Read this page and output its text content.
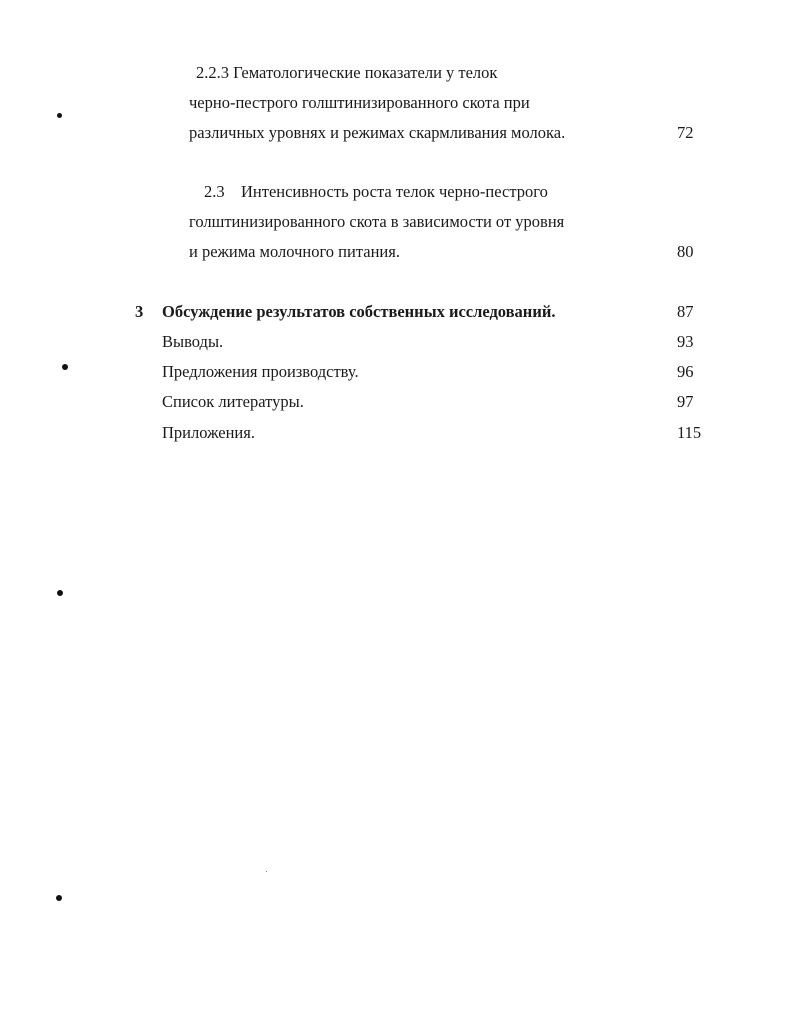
2.2.3 Гематологические показатели у телок
черно-пестрого голштинизированного скота при
различных уровнях и режимах скармливания молока.	72
2.3 Интенсивность роста телок черно-пестрого
голштинизированного скота в зависимости от уровня
и режима молочного питания.	80
3 Обсуждение результатов собственных исследований.	87
Выводы.	93
Предложения производству.	96
Список литературы.	97
Приложения.	115
